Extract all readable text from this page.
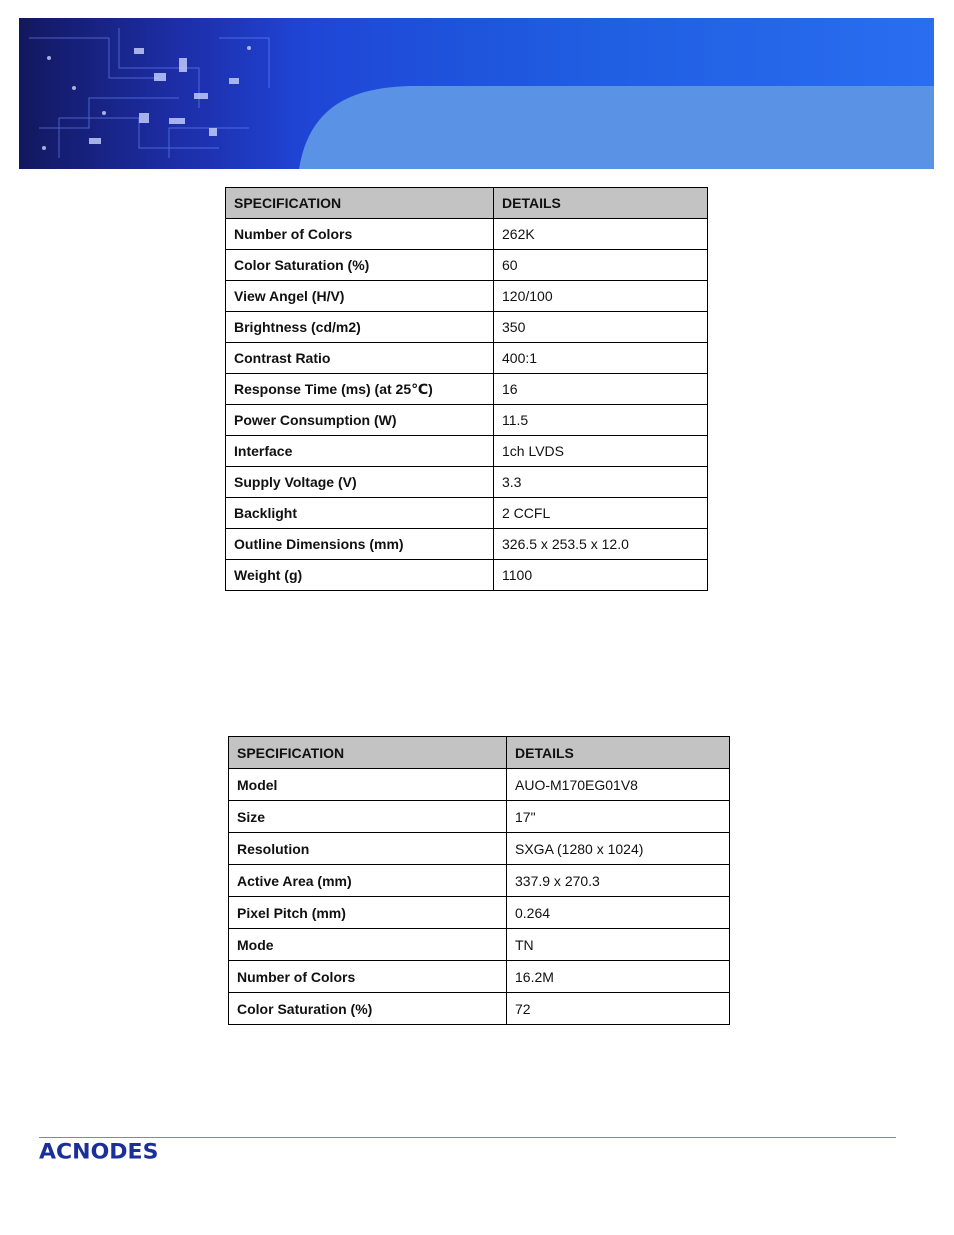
SPECIFICATION	DETAILS
Number of Colors	262K
Color Saturation (%)	60
View Angel (H/V)	120/100
Brightness (cd/m2)	350
Contrast Ratio	400:1
Response Time (ms) (at 25℃)	16
Power Consumption (W)	11.5
Interface	1ch LVDS
Supply Voltage (V)	3.3
Backlight	2 CCFL
Outline Dimensions (mm)	326.5 x 253.5 x 12.0
Weight (g)	1100
SPECIFICATION	DETAILS
Model	AUO-M170EG01V8
Size	17"
Resolution	SXGA (1280 x 1024)
Active Area (mm)	337.9 x 270.3
Pixel Pitch (mm)	0.264
Mode	TN
Number of Colors	16.2M
Color Saturation (%)	72
ACNODES
